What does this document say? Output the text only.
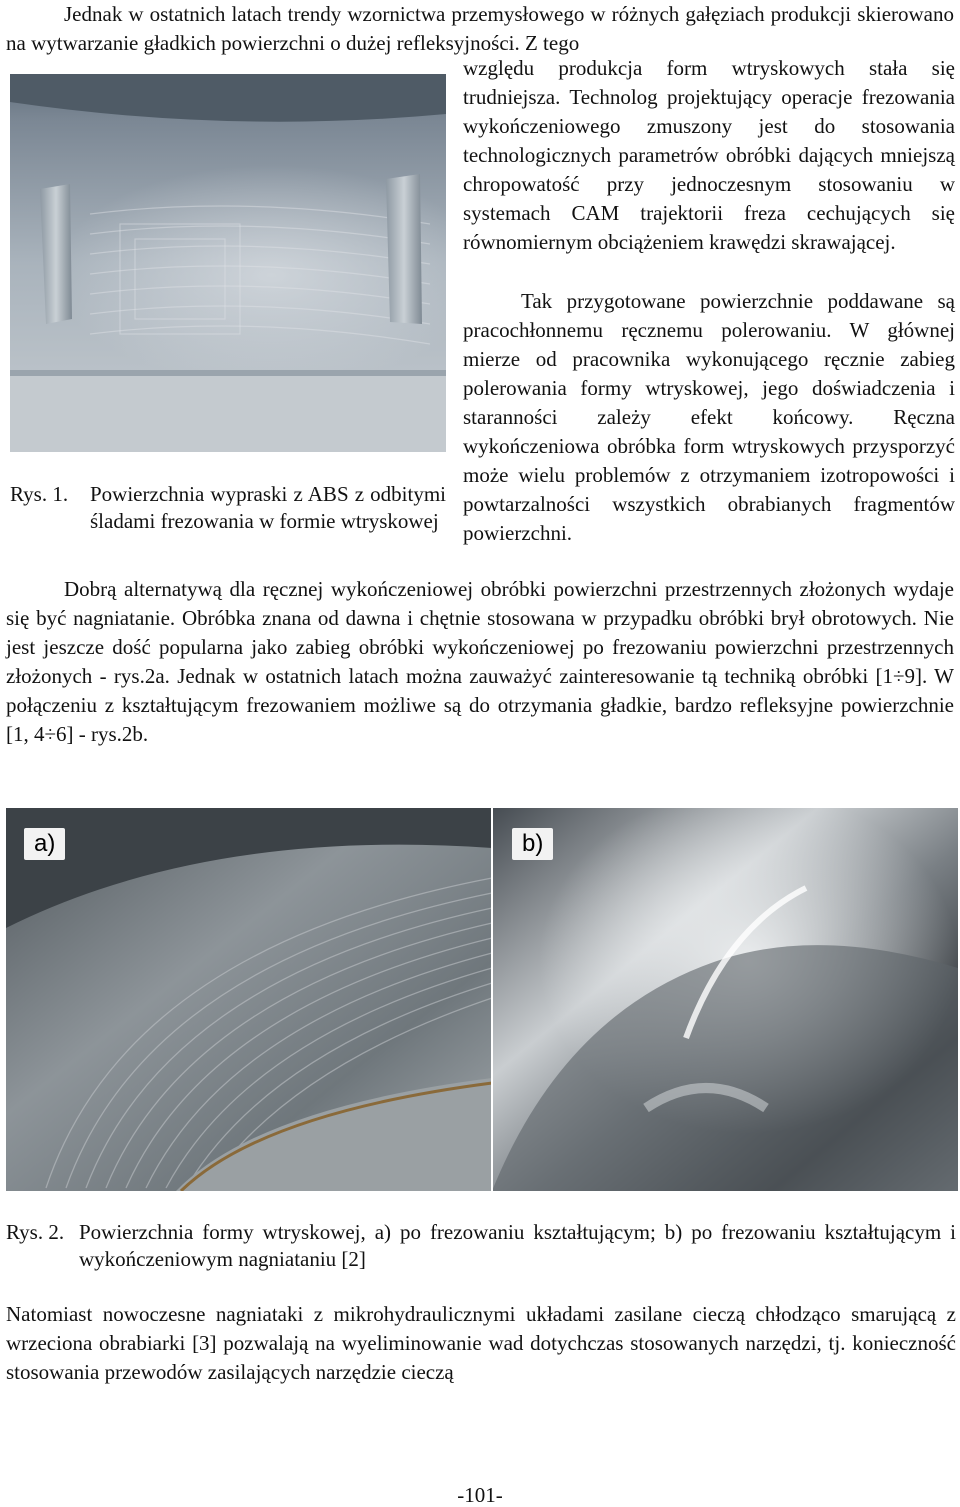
Jednak w ostatnich latach trendy wzornictwa przemysłowego w różnych gałęziach produkcji skierowano na wytwarzanie gładkich powierzchni o dużej refleksyjności. Z tego

względu produkcja form wtryskowych stała się trudniejsza. Technolog projektujący operacje frezowania wykończeniowego zmuszony jest do stosowania technologicznych parametrów obróbki dających mniejszą chropowatość przy jednoczesnym stosowaniu w systemach CAM trajektorii freza cechujących się równomiernym obciążeniem krawędzi skrawającej.

Tak przygotowane powierzchnie poddawane są pracochłonnemu ręcznemu polerowaniu. W głównej mierze od pracownika wykonującego ręcznie zabieg polerowania formy wtryskowej, jego doświadczenia i staranności zależy efekt końcowy. Ręczna wykończeniowa obróbka form wtryskowych przysporzyć może wielu problemów z otrzymaniem izotropowości i powtarzalności wszystkich obrabianych fragmentów powierzchni.

Rys. 1. Powierzchnia wypraski z ABS z odbitymi śladami frezowania w formie wtryskowej

Dobrą alternatywą dla ręcznej wykończeniowej obróbki powierzchni przestrzennych złożonych wydaje się być nagniatanie. Obróbka znana od dawna i chętnie stosowana w przypadku obróbki brył obrotowych. Nie jest jeszcze dość popularna jako zabieg obróbki wykończeniowej po frezowaniu powierzchni przestrzennych złożonych - rys.2a. Jednak w ostatnich latach można zauważyć zainteresowanie tą techniką obróbki [1÷9]. W połączeniu z kształtującym frezowaniem możliwe są do otrzymania gładkie, bardzo refleksyjne powierzchnie [1, 4÷6] - rys.2b.

a)	b)
Rys. 2. Powierzchnia formy wtryskowej, a) po frezowaniu kształtującym; b) po frezowaniu kształtującym i wykończeniowym nagniataniu [2]

Natomiast nowoczesne nagniataki z mikrohydraulicznymi układami zasilane cieczą chłodząco smarującą z wrzeciona obrabiarki [3] pozwalają na wyeliminowanie wad dotychczas stosowanych narzędzi, tj. konieczność stosowania przewodów zasilających narzędzie cieczą

-101-
